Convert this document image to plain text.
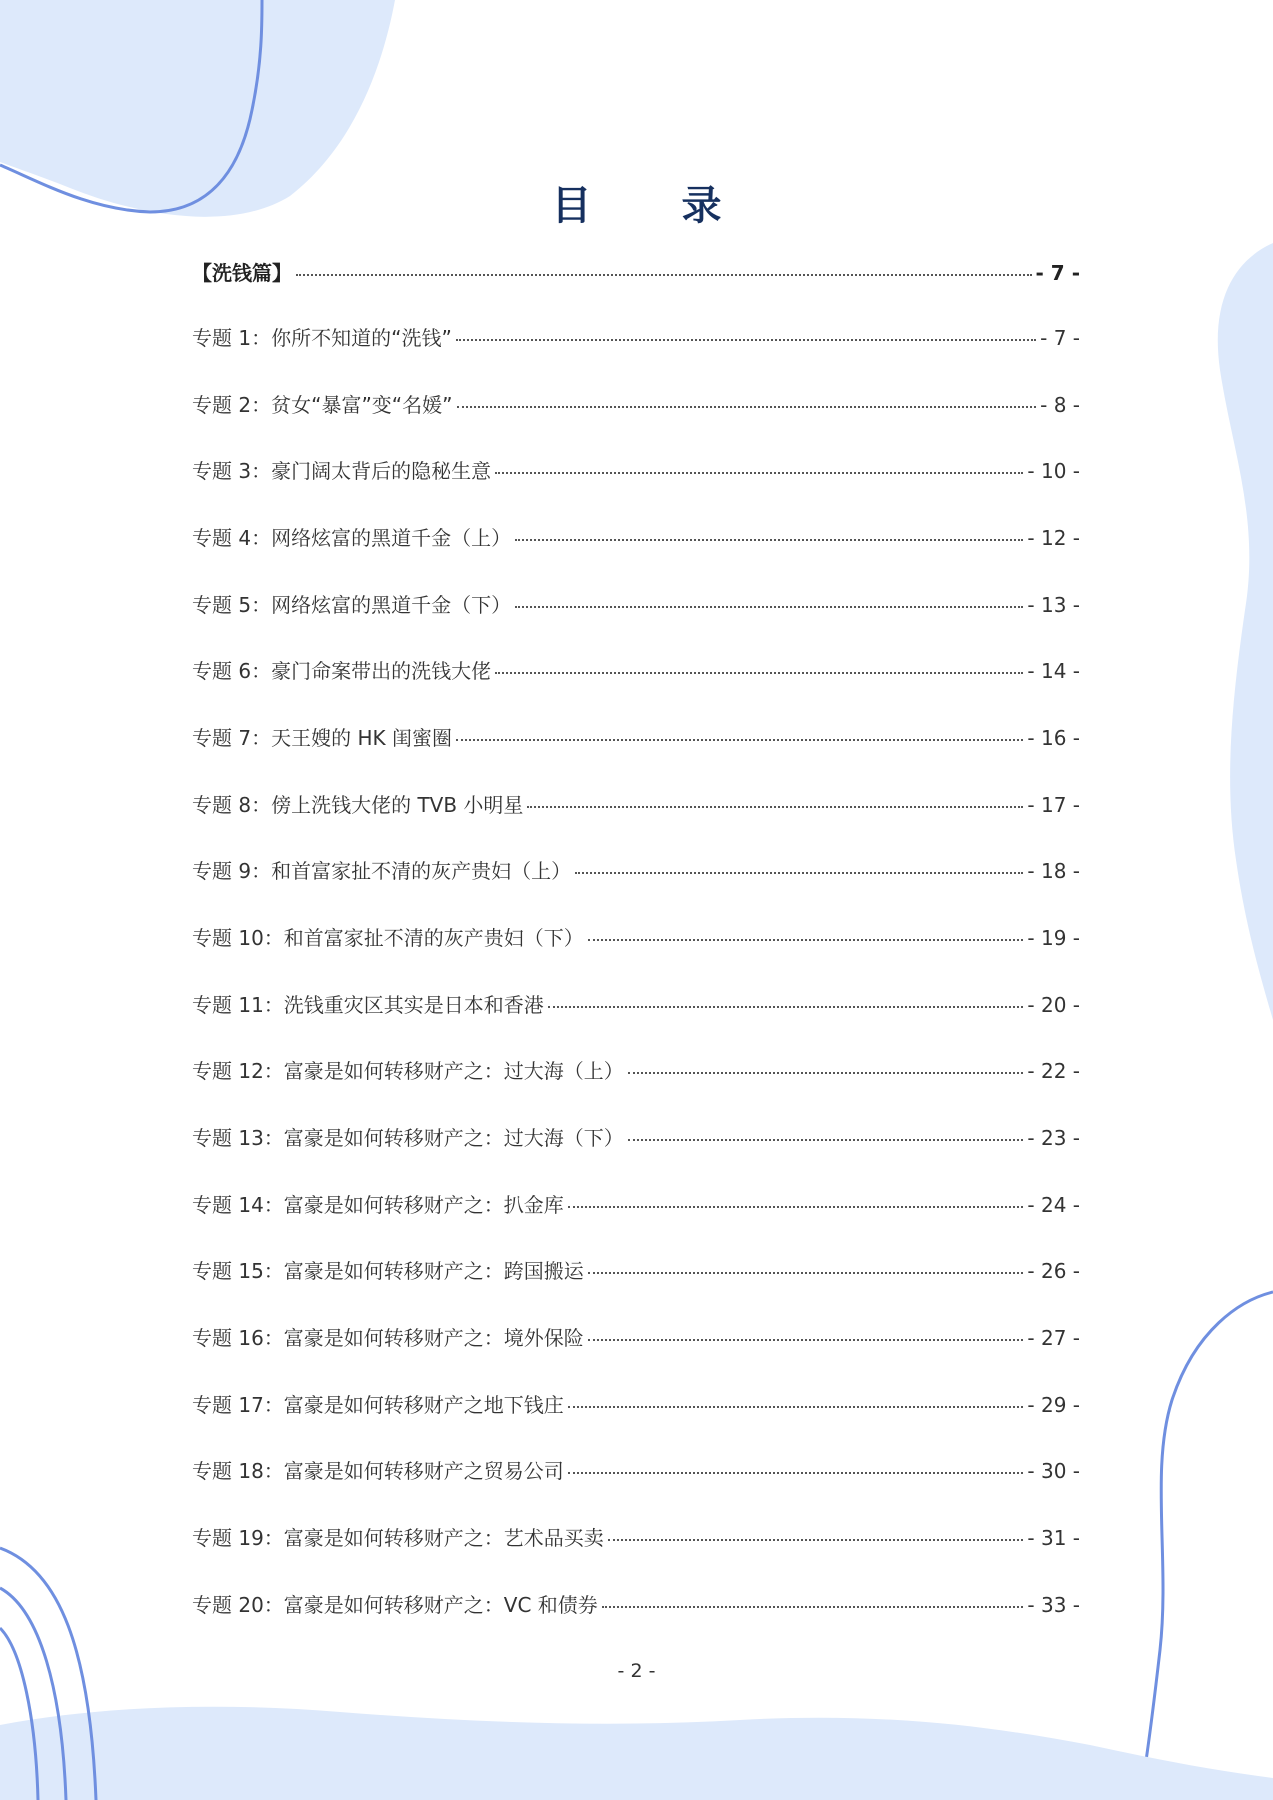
目 录
【洗钱篇】	- 7 -
专题 1：你所不知道的“洗钱”	- 7 -
专题 2：贫女“暴富”变“名媛”	- 8 -
专题 3：豪门阔太背后的隐秘生意	- 10 -
专题 4：网络炫富的黑道千金（上）	- 12 -
专题 5：网络炫富的黑道千金（下）	- 13 -
专题 6：豪门命案带出的洗钱大佬	- 14 -
专题 7：天王嫂的 HK 闺蜜圈	- 16 -
专题 8：傍上洗钱大佬的 TVB 小明星	- 17 -
专题 9：和首富家扯不清的灰产贵妇（上）	- 18 -
专题 10：和首富家扯不清的灰产贵妇（下）	- 19 -
专题 11：洗钱重灾区其实是日本和香港	- 20 -
专题 12：富豪是如何转移财产之：过大海（上）	- 22 -
专题 13：富豪是如何转移财产之：过大海（下）	- 23 -
专题 14：富豪是如何转移财产之：扒金库	- 24 -
专题 15：富豪是如何转移财产之：跨国搬运	- 26 -
专题 16：富豪是如何转移财产之：境外保险	- 27 -
专题 17：富豪是如何转移财产之地下钱庄	- 29 -
专题 18：富豪是如何转移财产之贸易公司	- 30 -
专题 19：富豪是如何转移财产之：艺术品买卖	- 31 -
专题 20：富豪是如何转移财产之：VC 和债券	- 33 -
- 2 -
